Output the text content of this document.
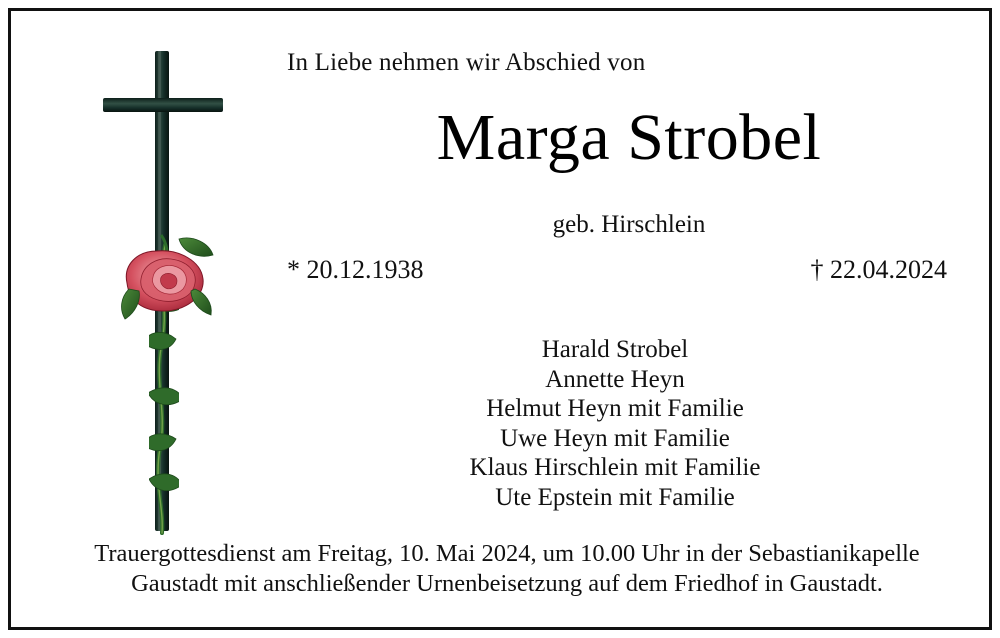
In Liebe nehmen wir Abschied von
Marga Strobel
geb. Hirschlein
* 20.12.1938	† 22.04.2024
Harald Strobel
Annette Heyn
Helmut Heyn mit Familie
Uwe Heyn mit Familie
Klaus Hirschlein mit Familie
Ute Epstein mit Familie
Trauergottesdienst am Freitag, 10. Mai 2024, um 10.00 Uhr in der Sebastianikapelle
Gaustadt mit anschließender Urnenbeisetzung auf dem Friedhof in Gaustadt.
